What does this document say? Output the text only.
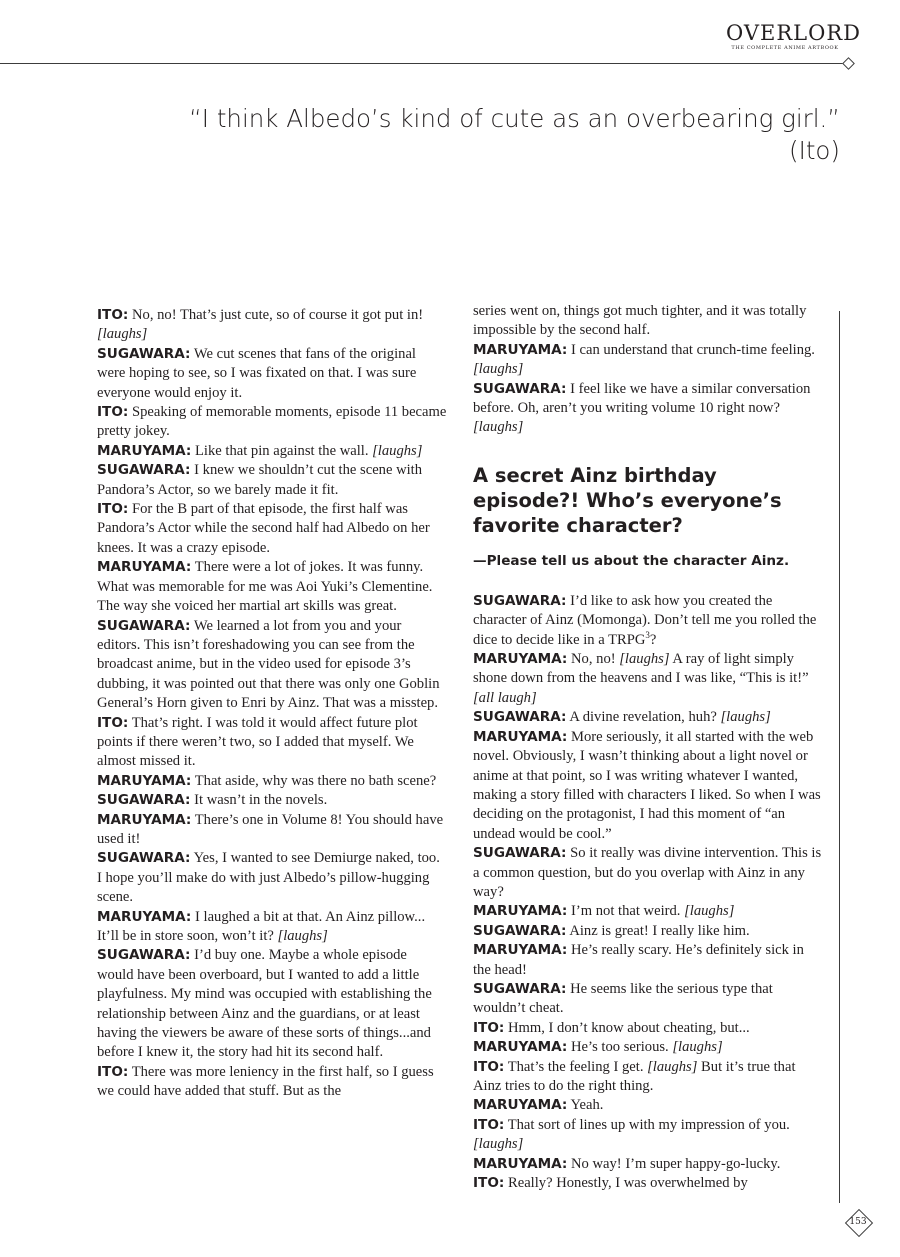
OVERLORD
THE COMPLETE ANIME ARTBOOK

“I think Albedo’s kind of cute as an overbearing girl.”

(Ito)

ITO: No, no! That’s just cute, so of course it got put in! [laughs]

SUGAWARA: We cut scenes that fans of the original were hoping to see, so I was fixated on that. I was sure everyone would enjoy it.

ITO: Speaking of memorable moments, episode 11 became pretty jokey.

MARUYAMA: Like that pin against the wall. [laughs]

SUGAWARA: I knew we shouldn’t cut the scene with Pandora’s Actor, so we barely made it fit.

ITO: For the B part of that episode, the first half was Pandora’s Actor while the second half had Albedo on her knees. It was a crazy episode.

MARUYAMA: There were a lot of jokes. It was funny. What was memorable for me was Aoi Yuki’s Clementine. The way she voiced her martial art skills was great.

SUGAWARA: We learned a lot from you and your editors. This isn’t foreshadowing you can see from the broadcast anime, but in the video used for episode 3’s dubbing, it was pointed out that there was only one Goblin General’s Horn given to Enri by Ainz. That was a misstep.

ITO: That’s right. I was told it would affect future plot points if there weren’t two, so I added that myself. We almost missed it.

MARUYAMA: That aside, why was there no bath scene?

SUGAWARA: It wasn’t in the novels.

MARUYAMA: There’s one in Volume 8! You should have used it!

SUGAWARA: Yes, I wanted to see Demiurge naked, too. I hope you’ll make do with just Albedo’s pillow-hugging scene.

MARUYAMA: I laughed a bit at that. An Ainz pillow... It’ll be in store soon, won’t it? [laughs]

SUGAWARA: I’d buy one. Maybe a whole episode would have been overboard, but I wanted to add a little playfulness. My mind was occupied with establishing the relationship between Ainz and the guardians, or at least having the viewers be aware of these sorts of things...and before I knew it, the story had hit its second half.

ITO: There was more leniency in the first half, so I guess we could have added that stuff. But as the

series went on, things got much tighter, and it was totally impossible by the second half.

MARUYAMA: I can understand that crunch-time feeling. [laughs]

SUGAWARA: I feel like we have a similar conversation before. Oh, aren’t you writing volume 10 right now? [laughs]

A secret Ainz birthday episode?! Who’s everyone’s favorite character?

—Please tell us about the character Ainz.

SUGAWARA: I’d like to ask how you created the character of Ainz (Momonga). Don’t tell me you rolled the dice to decide like in a TRPG$^3$?

MARUYAMA: No, no! [laughs] A ray of light simply shone down from the heavens and I was like, “This is it!” [all laugh]

SUGAWARA: A divine revelation, huh? [laughs]

MARUYAMA: More seriously, it all started with the web novel. Obviously, I wasn’t thinking about a light novel or anime at that point, so I was writing whatever I wanted, making a story filled with characters I liked. So when I was deciding on the protagonist, I had this moment of “an undead would be cool.”

SUGAWARA: So it really was divine intervention. This is a common question, but do you overlap with Ainz in any way?

MARUYAMA: I’m not that weird. [laughs]

SUGAWARA: Ainz is great! I really like him.

MARUYAMA: He’s really scary. He’s definitely sick in the head!

SUGAWARA: He seems like the serious type that wouldn’t cheat.

ITO: Hmm, I don’t know about cheating, but...

MARUYAMA: He’s too serious. [laughs]

ITO: That’s the feeling I get. [laughs] But it’s true that Ainz tries to do the right thing.

MARUYAMA: Yeah.

ITO: That sort of lines up with my impression of you. [laughs]

MARUYAMA: No way! I’m super happy-go-lucky.

ITO: Really? Honestly, I was overwhelmed by

153
